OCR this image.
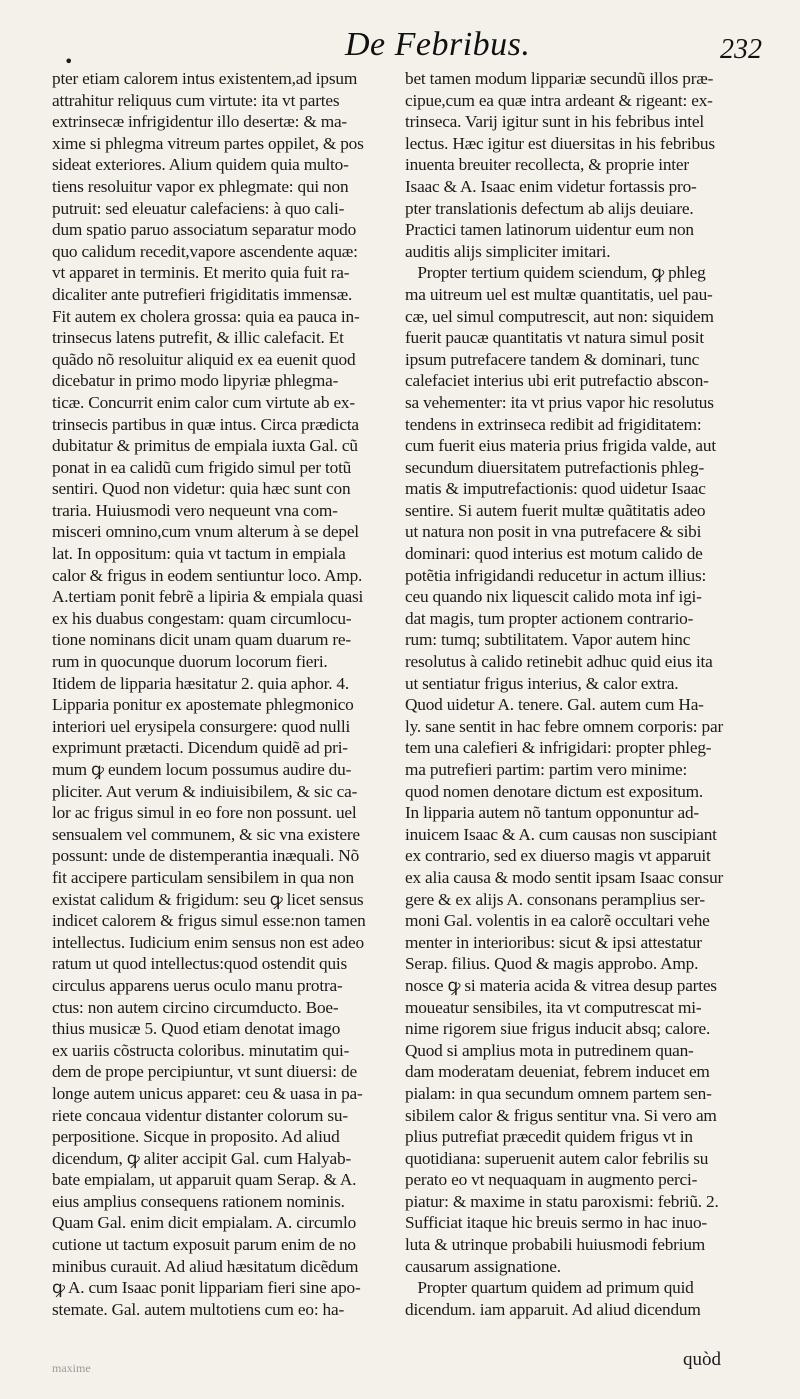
De Febribus.	232
•
pter etiam calorem intus existentem,ad ipsum
attrahitur reliquus cum virtute: ita vt partes
extrinsecæ infrigidentur illo desertæ: & ma-
xime si phlegma vitreum partes oppilet, & pos
sideat exteriores. Alium quidem quia multo-
tiens resoluitur vapor ex phlegmate: qui non
putruit: sed eleuatur calefaciens: à quo cali-
dum spatio paruo associatum separatur modo
quo calidum recedit,vapore ascendente aquæ:
vt apparet in terminis. Et merito quia fuit ra-
dicaliter ante putrefieri frigiditatis immensæ.
Fit autem ex cholera grossa: quia ea pauca in-
trinsecus latens putrefit, & illic calefacit. Et
quãdo nõ resoluitur aliquid ex ea euenit quod
dicebatur in primo modo lipyriæ phlegma-
ticæ. Concurrit enim calor cum virtute ab ex-
trinsecis partibus in quæ intus. Circa prædicta
dubitatur & primitus de empiala iuxta Gal. cũ
ponat in ea calidũ cum frigido simul per totũ
sentiri. Quod non videtur: quia hæc sunt con
traria. Huiusmodi vero nequeunt vna com-
misceri omnino,cum vnum alterum à se depel
lat. In oppositum: quia vt tactum in empiala
calor & frigus in eodem sentiuntur loco. Amp.
A.tertiam ponit febrẽ a lipiria & empiala quasi
ex his duabus congestam: quam circumlocu-
tione nominans dicit unam quam duarum re-
rum in quocunque duorum locorum fieri.
Itidem de lipparia hæsitatur 2. quia aphor. 4.
Lipparia ponitur ex apostemate phlegmonico
interiori uel erysipela consurgere: quod nulli
exprimunt prætacti. Dicendum quidẽ ad pri-
mum ꝙ eundem locum possumus audire du-
pliciter. Aut verum & indiuisibilem, & sic ca-
lor ac frigus simul in eo fore non possunt. uel
sensualem vel communem, & sic vna existere
possunt: unde de distemperantia inæquali. Nõ
fit accipere particulam sensibilem in qua non
existat calidum & frigidum: seu ꝙ licet sensus
indicet calorem & frigus simul esse:non tamen
intellectus. Iudicium enim sensus non est adeo
ratum ut quod intellectus:quod ostendit quis
circulus apparens uerus oculo manu protra-
ctus: non autem circino circumducto. Boe-
thius musicæ 5. Quod etiam denotat imago
ex uariis cõstructa coloribus. minutatim qui-
dem de prope percipiuntur, vt sunt diuersi: de
longe autem unicus apparet: ceu & uasa in pa-
riete concaua videntur distanter colorum su-
perpositione. Sicque in proposito. Ad aliud
dicendum, ꝙ aliter accipit Gal. cum Halyab-
bate empialam, ut apparuit quam Serap. & A.
eius amplius consequens rationem nominis.
Quam Gal. enim dicit empialam. A. circumlo
cutione ut tactum exposuit parum enim de no
minibus curauit. Ad aliud hæsitatum dicẽdum
ꝙ A. cum Isaac ponit lippariam fieri sine apo-
stemate. Gal. autem multotiens cum eo: ha-
bet tamen modum lippariæ secundũ illos præ-
cipue,cum ea quæ intra ardeant & rigeant: ex-
trinseca. Varij igitur sunt in his febribus intel
lectus. Hæc igitur est diuersitas in his febribus
inuenta breuiter recollecta, & proprie inter
Isaac & A. Isaac enim videtur fortassis pro-
pter translationis defectum ab alijs deuiare.
Practici tamen latinorum uidentur eum non
auditis alijs simpliciter imitari.
Propter tertium quidem sciendum, ꝙ phleg
ma uitreum uel est multæ quantitatis, uel pau-
cæ, uel simul computrescit, aut non: siquidem
fuerit paucæ quantitatis vt natura simul posit
ipsum putrefacere tandem & dominari, tunc
calefaciet interius ubi erit putrefactio abscon-
sa vehementer: ita vt prius vapor hic resolutus
tendens in extrinseca redibit ad frigiditatem:
cum fuerit eius materia prius frigida valde, aut
secundum diuersitatem putrefactionis phleg-
matis & imputrefactionis: quod uidetur Isaac
sentire. Si autem fuerit multæ quãtitatis adeo
ut natura non posit in vna putrefacere & sibi
dominari: quod interius est motum calido de
potẽtia infrigidandi reducetur in actum illius:
ceu quando nix liquescit calido mota inf igi-
dat magis, tum propter actionem contrario-
rum: tumq; subtilitatem. Vapor autem hinc
resolutus à calido retinebit adhuc quid eius ita
ut sentiatur frigus interius, & calor extra.
Quod uidetur A. tenere. Gal. autem cum Ha-
ly. sane sentit in hac febre omnem corporis: par
tem una calefieri & infrigidari: propter phleg-
ma putrefieri partim: partim vero minime:
quod nomen denotare dictum est expositum.
In lipparia autem nõ tantum opponuntur ad-
inuicem Isaac & A. cum causas non suscipiant
ex contrario, sed ex diuerso magis vt apparuit
ex alia causa & modo sentit ipsam Isaac consur
gere & ex alijs A. consonans peramplius ser-
moni Gal. volentis in ea calorẽ occultari vehe
menter in interioribus: sicut & ipsi attestatur
Serap. filius. Quod & magis approbo. Amp.
nosce ꝙ si materia acida & vitrea desup partes
moueatur sensibiles, ita vt computrescat mi-
nime rigorem siue frigus inducit absq; calore.
Quod si amplius mota in putredinem quan-
dam moderatam deueniat, febrem inducet em
pialam: in qua secundum omnem partem sen-
sibilem calor & frigus sentitur vna. Si vero am
plius putrefiat præcedit quidem frigus vt in
quotidiana: superuenit autem calor febrilis su
perato eo vt nequaquam in augmento perci-
piatur: & maxime in statu paroxismi: febriũ. 2.
Sufficiat itaque hic breuis sermo in hac inuo-
luta & utrinque probabili huiusmodi febrium
causarum assignatione.
Propter quartum quidem ad primum quid
dicendum. iam apparuit. Ad aliud dicendum
maxime	quòd
